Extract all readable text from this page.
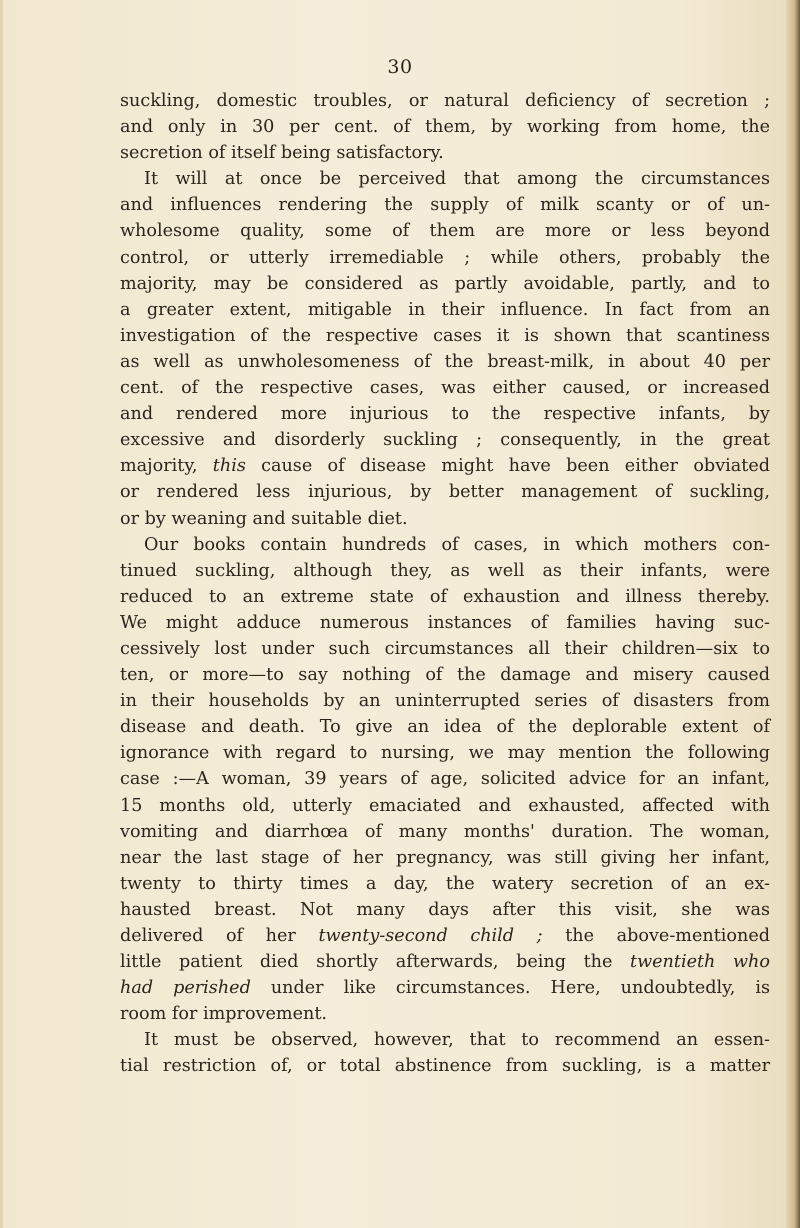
30
suckling, domestic troubles, or natural deficiency of secretion ;
and only in 30 per cent. of them, by working from home, the
secretion of itself being satisfactory.
It will at once be perceived that among the circumstances
and influences rendering the supply of milk scanty or of un-
wholesome quality, some of them are more or less beyond
control, or utterly irremediable ; while others, probably the
majority, may be considered as partly avoidable, partly, and to
a greater extent, mitigable in their influence. In fact from an
investigation of the respective cases it is shown that scantiness
as well as unwholesomeness of the breast-milk, in about 40 per
cent. of the respective cases, was either caused, or increased
and rendered more injurious to the respective infants, by
excessive and disorderly suckling ; consequently, in the great
majority, this cause of disease might have been either obviated
or rendered less injurious, by better management of suckling,
or by weaning and suitable diet.
Our books contain hundreds of cases, in which mothers con-
tinued suckling, although they, as well as their infants, were
reduced to an extreme state of exhaustion and illness thereby.
We might adduce numerous instances of families having suc-
cessively lost under such circumstances all their children—six to
ten, or more—to say nothing of the damage and misery caused
in their households by an uninterrupted series of disasters from
disease and death. To give an idea of the deplorable extent of
ignorance with regard to nursing, we may mention the following
case :—A woman, 39 years of age, solicited advice for an infant,
15 months old, utterly emaciated and exhausted, affected with
vomiting and diarrhœa of many months' duration. The woman,
near the last stage of her pregnancy, was still giving her infant,
twenty to thirty times a day, the watery secretion of an ex-
hausted breast. Not many days after this visit, she was
delivered of her twenty-second child ; the above-mentioned
little patient died shortly afterwards, being the twentieth who
had perished under like circumstances. Here, undoubtedly, is
room for improvement.
It must be observed, however, that to recommend an essen-
tial restriction of, or total abstinence from suckling, is a matter
